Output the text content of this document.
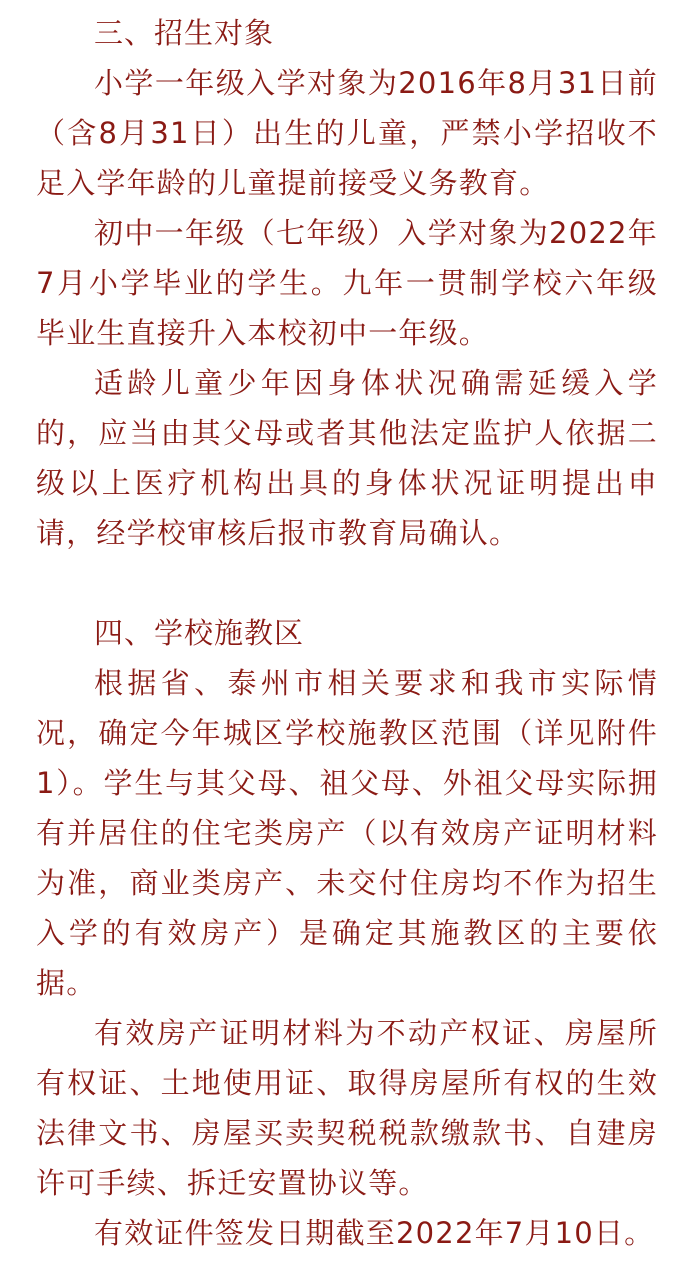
三、招生对象

小学一年级入学对象为2016年8月31日前（含8月31日）出生的儿童，严禁小学招收不足入学年龄的儿童提前接受义务教育。

初中一年级（七年级）入学对象为2022年7月小学毕业的学生。九年一贯制学校六年级毕业生直接升入本校初中一年级。

适龄儿童少年因身体状况确需延缓入学的，应当由其父母或者其他法定监护人依据二级以上医疗机构出具的身体状况证明提出申请，经学校审核后报市教育局确认。

四、学校施教区

根据省、泰州市相关要求和我市实际情况，确定今年城区学校施教区范围（详见附件1）。学生与其父母、祖父母、外祖父母实际拥有并居住的住宅类房产（以有效房产证明材料为准，商业类房产、未交付住房均不作为招生入学的有效房产）是确定其施教区的主要依据。

有效房产证明材料为不动产权证、房屋所有权证、土地使用证、取得房屋所有权的生效法律文书、房屋买卖契税税款缴款书、自建房许可手续、拆迁安置协议等。

有效证件签发日期截至2022年7月10日。
